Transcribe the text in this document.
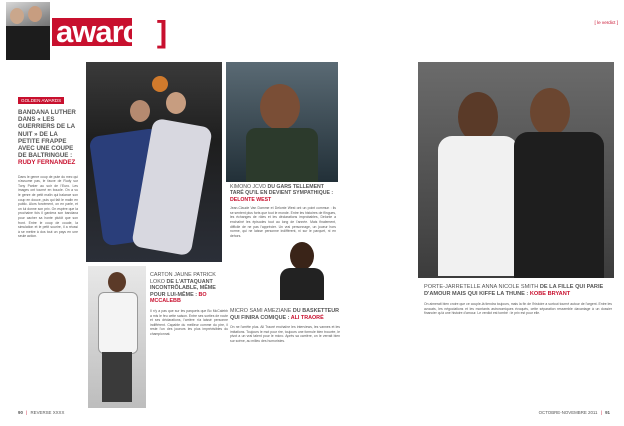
awards]	[ le verdict ]
GOLDEN AWARDS
BANDANA LUTHER DANS « LES GUERRIERS DE LA NUIT » DE LA PETITE FRAPPE AVEC UNE COUPE DE BALTRINGUE : RUDY FERNANDEZ
Dans le genre coup de pute du mec qui n'assume pas, le fauve de Rudy sur Tony Parker au soir de l'Euro. Les images ont tourné en boucle. On a vu le genre de petit malin qui balance son coup en douce, puis qui fait le malin en public. Alors forcément, on en parle, et on lui donne son prix. On espère que la prochaine fois il gardera son bandana pour cacher sa honte plutôt que son front. Entre le coup de coude, la simulation et le petit sourire, il a réussi à se mettre à dos tout un pays en une seule action.
KIMONO JCVD DU GARS TELLEMENT TARÉ QU'IL EN DEVIENT SYMPATHIQUE : DELONTE WEST
Jean-Claude Van Damme et Delonte West ont un point commun : ils se sentent plus forts que tout le monde. Entre les histoires de flingues, les échanges de rôles et les déclarations improbables, Delonte a enchaîné les épisodes tout au long de l'année. Mais finalement, difficile de ne pas l'apprécier. Un vrai personnage, un joueur hors norme, qui ne laisse personne indifférent, ni sur le parquet, ni en dehors.
PORTE-JARRETELLE ANNA NICOLE SMITH DE LA FILLE QUI PARIE D'AMOUR MAIS QUI KIFFE LA THUNE : KOBE BRYANT
On aimerait bien croire que ce couple-là tiendra toujours, mais la fin de l'histoire a surtout tourné autour de l'argent. Entre les avocats, les négociations et les montants astronomiques évoqués, cette séparation ressemble davantage à un dossier financier qu'à une histoire d'amour. Le verdict est tombé : le prix est pour elle.
CARTON JAUNE PATRICK LOKO DE L'ATTAQUANT INCONTRÔLABLE, MÊME POUR LUI-MÊME : BO MCCALEBB
Il n'y a pas que sur les parquets que Bo McCalebb a mis le feu cette saison. Entre ses sorties de route et ses déclarations, l'arrière n'a laissé personne indifférent. Capable du meilleur comme du pire, il reste l'un des joueurs les plus imprévisibles du championnat.
MICRO SAMI AMEZIANE DU BASKETTEUR QUI FINIRA COMIQUE : ALI TRAORÉ
On ne l'arrête plus. Ali Traoré enchaîne les interviews, les vannes et les imitations. Toujours le mot pour rire, toujours une formule bien trouvée, le pivot a un vrai talent pour le micro. Après sa carrière, on le verrait bien sur scène, au milieu des humoristes.
90 | REVERSE XXXX	OCTOBRE-NOVEMBRE 2011 | 91
